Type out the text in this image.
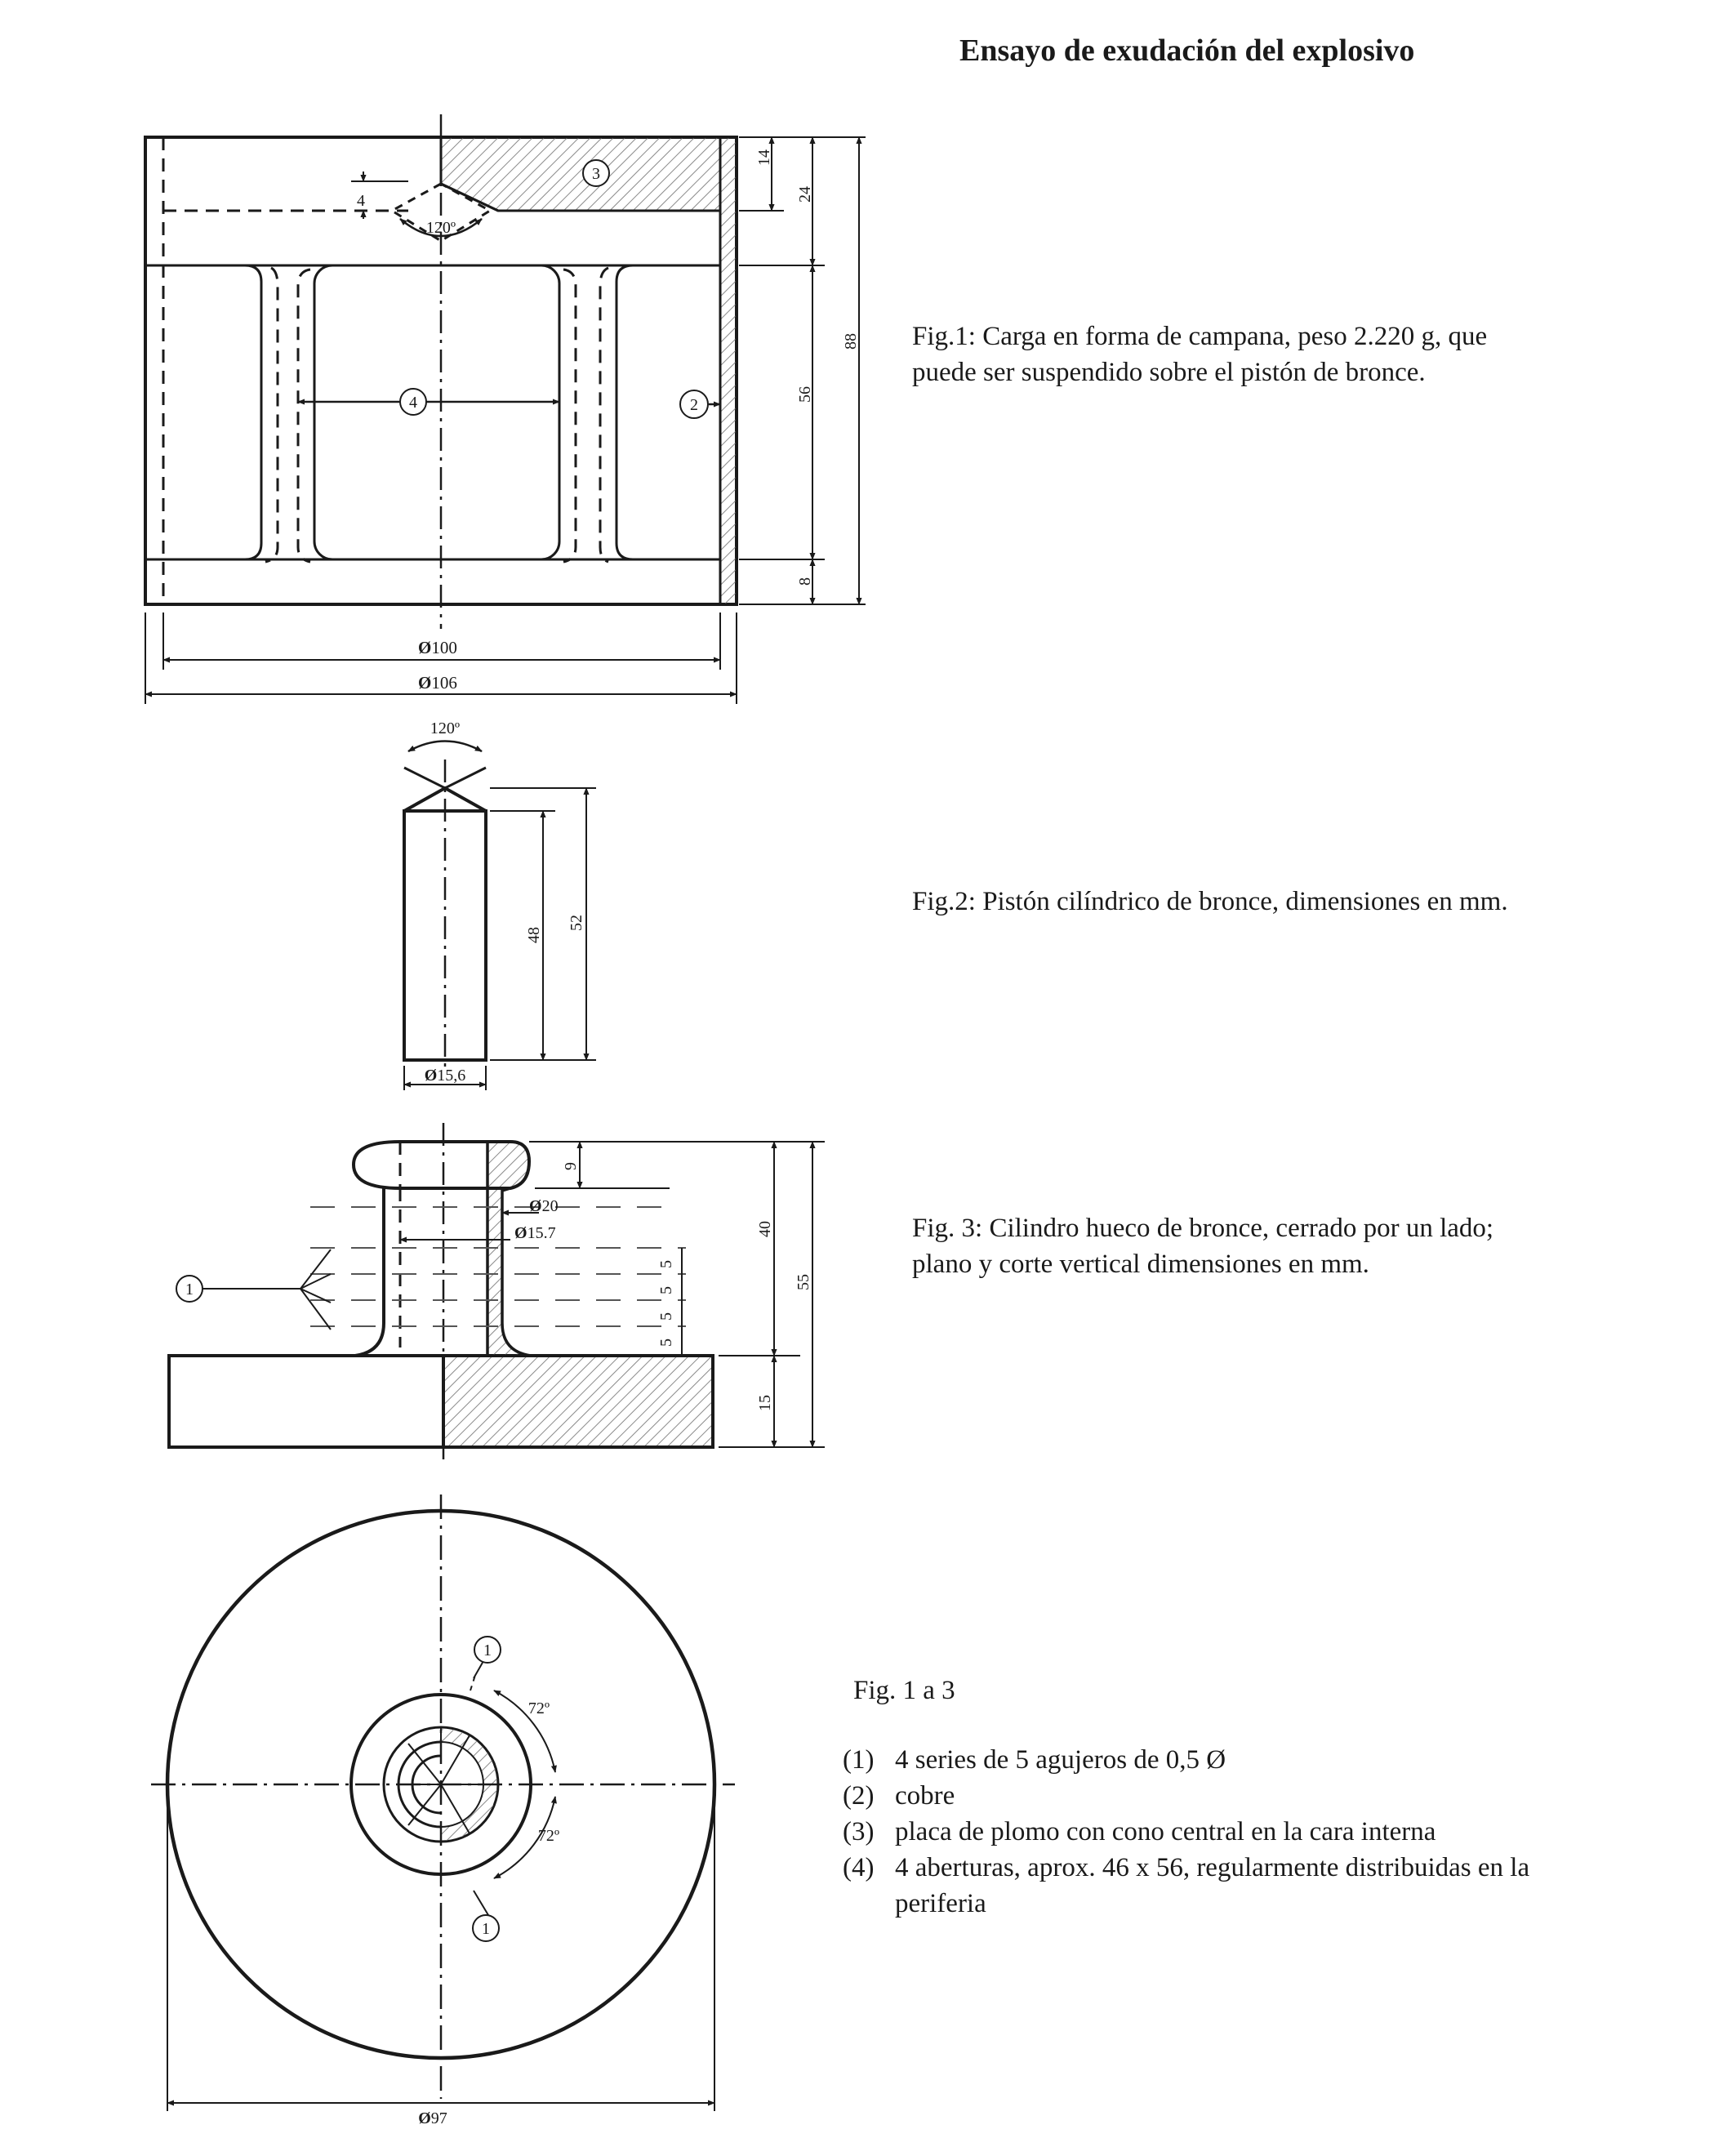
3
4	2
4
120º
14
24
56
8
88
Ø100
Ø106
120º
48
52
Ø15,6
1
9
40
15
55
5
5
5
5
Ø20
Ø15.7
1
1
72º
72º
Ø97
Ensayo de exudación del explosivo
Fig.1: Carga en forma de campana, peso 2.220 g, que
puede ser suspendido sobre el pistón de bronce.
Fig.2: Pistón cilíndrico de bronce, dimensiones en mm.
Fig. 3: Cilindro hueco de bronce, cerrado por un lado;
plano y corte vertical dimensiones en mm.
Fig. 1 a 3
(1) 4 series de 5 agujeros de 0,5 Ø
(2) cobre
(3) placa de plomo con cono central en la cara interna
(4) 4 aberturas, aprox. 46 x 56, regularmente distribuidas en la periferia
